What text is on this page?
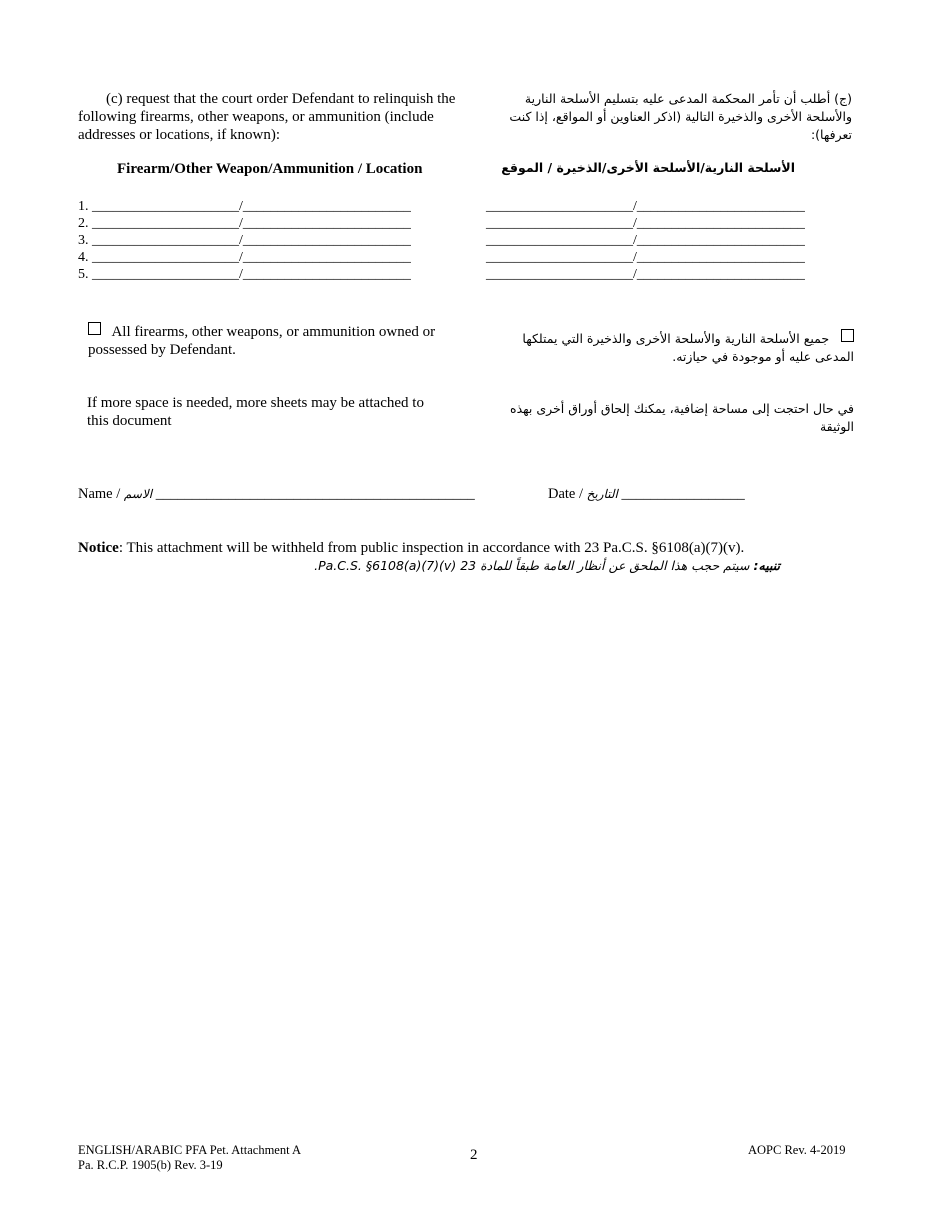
(c) request that the court order Defendant to relinquish the following firearms, other weapons, or ammunition (include addresses or locations, if known):
(ج) أطلب أن تأمر المحكمة المدعى عليه بتسليم الأسلحة النارية والأسلحة الأخرى والذخيرة التالية (اذكر العناوين أو المواقع، إذا كنت تعرفها):
Firearm/Other Weapon/Ammunition / Location	الأسلحة النارية/الأسلحة الأخرى/الذخيرة / الموقع
1. _____________________/________________________
2. _____________________/________________________
3. _____________________/________________________
4. _____________________/________________________
5. _____________________/________________________
_____________________/________________________
_____________________/________________________
_____________________/________________________
_____________________/________________________
_____________________/________________________
All firearms, other weapons, or ammunition owned or possessed by Defendant.
جميع الأسلحة النارية والأسلحة الأخرى والذخيرة التي يمتلكها المدعى عليه أو موجودة في حيازته.
If more space is needed, more sheets may be attached to this document
في حال احتجت إلى مساحة إضافية، يمكنك إلحاق أوراق أخرى بهذه الوثيقة
Name / الاسم ____________________________________________	Date / التاريخ _________________
Notice: This attachment will be withheld from public inspection in accordance with 23 Pa.C.S. §6108(a)(7)(v).
تنبيه: سيتم حجب هذا الملحق عن أنظار العامة طبقاً للمادة 23 Pa.C.S. §6108(a)(7)(v).
ENGLISH/ARABIC PFA Pet. Attachment A
Pa. R.C.P. 1905(b) Rev. 3-19
2	AOPC Rev. 4-2019
